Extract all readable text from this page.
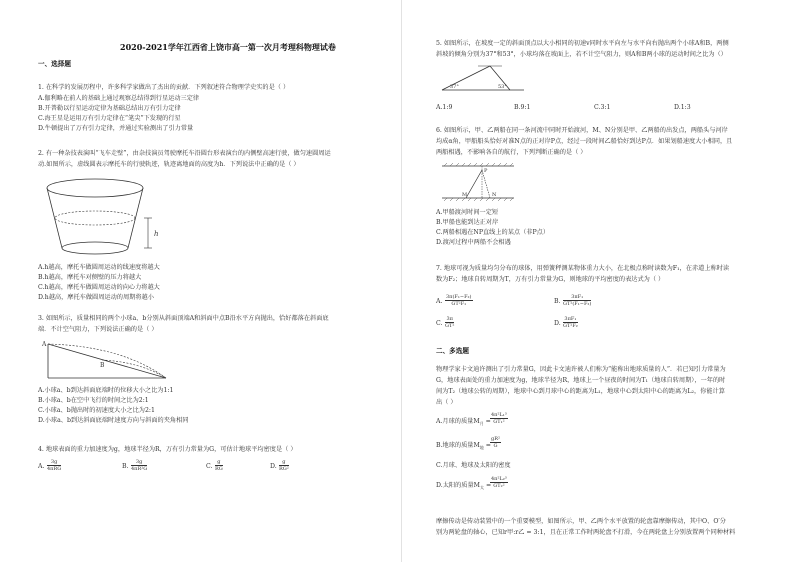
2020-2021学年江西省上饶市高一第一次月考理科物理试卷
一、选择题
1. 在科学的发展历程中，许多科学家做出了杰出的贡献．下列叙述符合物理学史实的是（ ）
A.伽利略在前人的基础上通过观察总结得到行星运动三定律
B.开普勒以行星运动定律为基础总结出万有引力定律
C.海王星是运用万有引力定律在“笔尖”下发现的行星
D.牛顿提出了万有引力定律，并通过实验测出了引力常量
2. 有一种杂技表演叫“飞车走壁”，由杂技演员驾驶摩托车沿圆台形表演台的内侧壁高速行驶，做匀速圆周运
动.如图所示，虚线圆表示摩托车的行驶轨迹，轨迹离地面的高度为h．下列说法中正确的是（ ）
h
A.h越高，摩托车做圆周运动的线速度将越大
B.h越高，摩托车对侧壁的压力将越大
C.h越高，摩托车做圆周运动的向心力将越大
D.h越高，摩托车做圆周运动的周期将越小
3. 如图所示，质量相同的两个小球a、b分别从斜面顶端A和斜面中点B沿水平方向抛出，恰好都落在斜面底
端．不计空气阻力，下列说法正确的是（ ）
A
B
A.小球a、b到达斜面底端时的位移大小之比为1:1
B.小球a、b在空中飞行的时间之比为2:1
C.小球a、b抛出时的初速度大小之比为2:1
D.小球a、b到达斜面底端时速度方向与斜面的夹角相同
4. 地球表面的重力加速度为g，地球半径为R，万有引力常量为G，可估计地球平均密度是（ ）
A.
3g
4πRG	B. $\frac{3g}{\text{4πR²G}}$	C. $\frac{g}{RG}$	D. $\frac{g}{\text{RG²}}$
5. 如图所示，在坡度一定的斜面顶点以大小相同的初速v同时水平向左与水平向右抛出两个小球A和B，两侧
斜坡的倾角分别为37°和53°，小球均落在坡面上，若不计空气阻力，则A和B两小球的运动时间之比为（）
37°	53°
A.1:9	B.9:1	C.3:1	D.1:3
6. 如图所示，甲、乙两船在同一条河流中同时开始渡河，M、N分别是甲、乙两船的出发点，两船头与河岸
均成α角，甲船船头恰好对准N点的正对岸P点，经过一段时间乙船恰好到达P点．如果划船速度大小相同，且
两船相遇，不影响各自的航行，下列判断正确的是（ ）
P
M	N
A.甲船渡河时间一定短
B.甲船也能到达正对岸
C.两船相遇在NP直线上的某点（非P点）
D.渡河过程中两船不会相遇
7. 地球可视为质量均匀分布的球体，用弹簧秤测某物体重力大小，在北极点称时读数为F₁，在赤道上称时读
数为F₂；地球自转周期为T，万有引力常量为G，则地球的平均密度的表达式为（ ）
A. $\frac{\text{3π(F₁−F₂)}}{\text{GT²F₁}}$	B. $\frac{\text{3πF₁}}{\text{GT²(F₁−F₂)}}$
C. $\frac{3\pi}{\text{GT²}}$	D. $\frac{\text{3πF₁}}{\text{GT²F₂}}$
二、多选题
物理学家卡文迪许测出了引力常量G，因此卡文迪许被人们称为“能称出地球质量的人”．若已知引力常量为
G，地球表面处的重力加速度为g，地球半径为R，地球上一个昼夜的时间为T₁（地球自转周期），一年的时
间为T₂（地球公转的周期），地球中心到月球中心的距离为L₁，地球中心到太阳中心的距离为L₂，你能计算
出（ ）
A.月球的质量$M_月 = \frac{\text{4π²L₁³}}{\text{GT₁²}}$
B.地球的质量$M_地 = \frac{\text{gR²}}{G}$
C.月球、地球及太阳的密度
D.太阳的质量$M_太$ =
$\frac{\text{4π²L₂³}}{\text{GT₂²}}$
摩擦传动是传动装置中的一个重要模型，如图所示，甲、乙两个水平放置的轮盘靠摩擦传动，其中O、O′分
别为两轮盘的轴心，已知r甲:r乙 = 3:1，且在正常工作时两轮盘不打滑，今在两轮盘上分别放置两个同种材料
